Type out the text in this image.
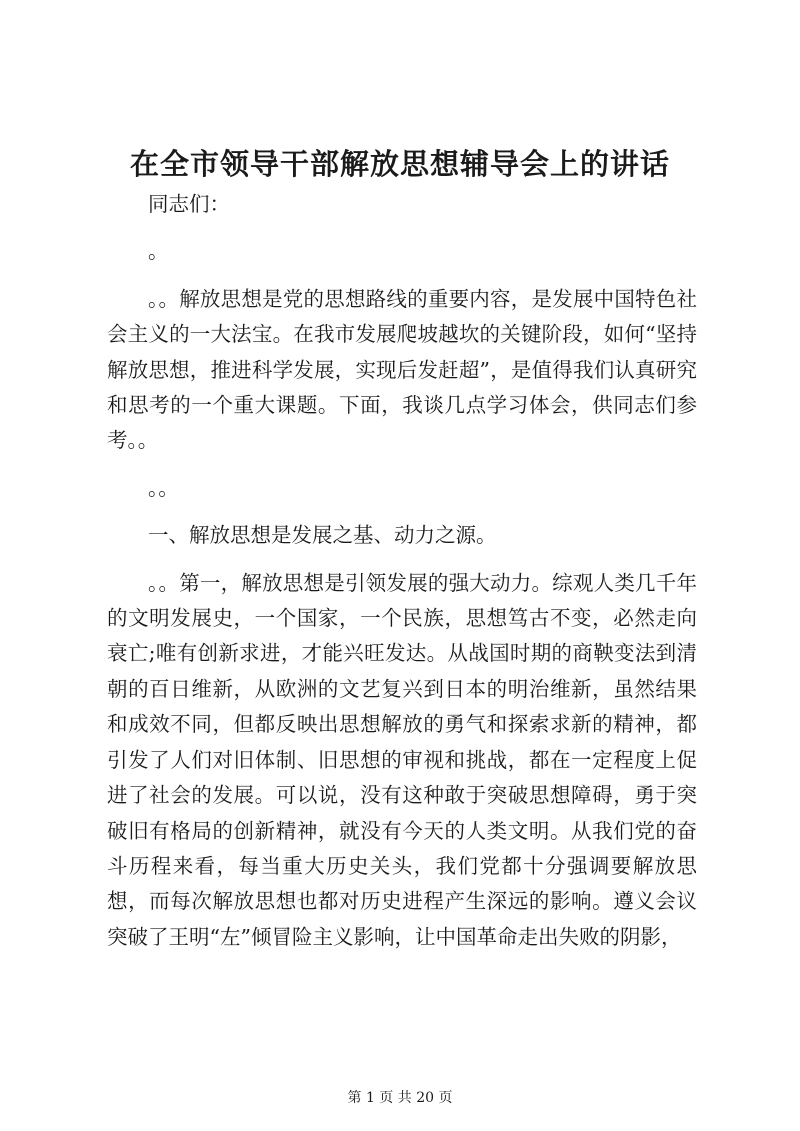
在全市领导干部解放思想辅导会上的讲话

同志们：

。

。。解放思想是党的思想路线的重要内容，是发展中国特色社会主义的一大法宝。在我市发展爬坡越坎的关键阶段，如何“坚持解放思想，推进科学发展，实现后发赶超”，是值得我们认真研究和思考的一个重大课题。下面，我谈几点学习体会，供同志们参考。。

。。

一、解放思想是发展之基、动力之源。

。。第一，解放思想是引领发展的强大动力。综观人类几千年的文明发展史，一个国家，一个民族，思想笃古不变，必然走向衰亡;唯有创新求进，才能兴旺发达。从战国时期的商鞅变法到清朝的百日维新，从欧洲的文艺复兴到日本的明治维新，虽然结果和成效不同，但都反映出思想解放的勇气和探索求新的精神，都引发了人们对旧体制、旧思想的审视和挑战，都在一定程度上促进了社会的发展。可以说，没有这种敢于突破思想障碍，勇于突破旧有格局的创新精神，就没有今天的人类文明。从我们党的奋斗历程来看，每当重大历史关头，我们党都十分强调要解放思想，而每次解放思想也都对历史进程产生深远的影响。遵义会议突破了王明“左”倾冒险主义影响，让中国革命走出失败的阴影，

第 1 页 共 20 页
